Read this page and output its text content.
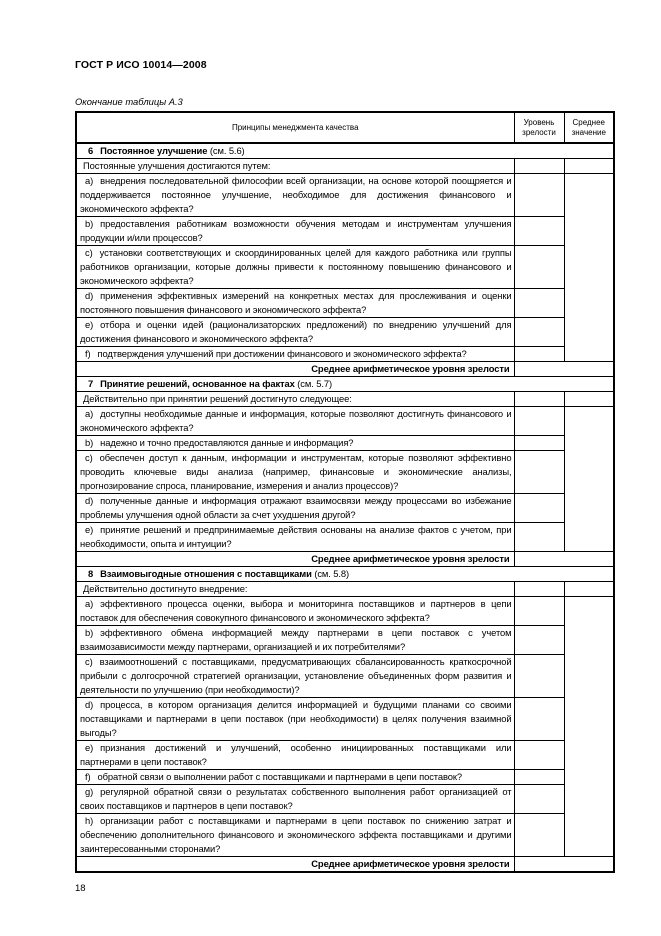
ГОСТ Р ИСО 10014—2008
Окончание таблицы А.3
Принципы менеджмента качества	Уровень зрелости	Среднее значение
6 Постоянное улучшение (см. 5.6)		
Постоянные улучшения достигаются путем:		
a) внедрения последовательной философии всей организации, на основе которой поощряется и поддерживается постоянное улучшение, необходимое для достижения финансового и экономического эффекта?		
b) предоставления работникам возможности обучения методам и инструментам улучшения продукции и/или процессов?		
c) установки соответствующих и скоординированных целей для каждого работника или группы работников организации, которые должны привести к постоянному повышению финансового и экономического эффекта?		
d) применения эффективных измерений на конкретных местах для прослеживания и оценки постоянного повышения финансового и экономического эффекта?		
e) отбора и оценки идей (рационализаторских предложений) по внедрению улучшений для достижения финансового и экономического эффекта?		
f) подтверждения улучшений при достижении финансового и экономического эффекта?		
Среднее арифметическое уровня зрелости		
7 Принятие решений, основанное на фактах (см. 5.7)		
Действительно при принятии решений достигнуто следующее:		
a) доступны необходимые данные и информация, которые позволяют достигнуть финансового и экономического эффекта?		
b) надежно и точно предоставляются данные и информация?		
c) обеспечен доступ к данным, информации и инструментам, которые позволяют эффективно проводить ключевые виды анализа (например, финансовые и экономические анализы, прогнозирование спроса, планирование, измерения и анализ процессов)?		
d) полученные данные и информация отражают взаимосвязи между процессами во избежание проблемы улучшения одной области за счет ухудшения другой?		
e) принятие решений и предпринимаемые действия основаны на анализе фактов с учетом, при необходимости, опыта и интуиции?		
Среднее арифметическое уровня зрелости		
8 Взаимовыгодные отношения с поставщиками (см. 5.8)		
Действительно достигнуто внедрение:		
a) эффективного процесса оценки, выбора и мониторинга поставщиков и партнеров в цепи поставок для обеспечения совокупного финансового и экономического эффекта?		
b) эффективного обмена информацией между партнерами в цепи поставок с учетом взаимозависимости между партнерами, организацией и их потребителями?		
c) взаимоотношений с поставщиками, предусматривающих сбалансированность краткосрочной прибыли с долгосрочной стратегией организации, установление объединенных форм развития и деятельности по улучшению (при необходимости)?		
d) процесса, в котором организация делится информацией и будущими планами со своими поставщиками и партнерами в цепи поставок (при необходимости) в целях получения взаимной выгоды?		
e) признания достижений и улучшений, особенно инициированных поставщиками или партнерами в цепи поставок?		
f) обратной связи о выполнении работ с поставщиками и партнерами в цепи поставок?		
g) регулярной обратной связи о результатах собственного выполнения работ организацией от своих поставщиков и партнеров в цепи поставок?		
h) организации работ с поставщиками и партнерами в цепи поставок по снижению затрат и обеспечению дополнительного финансового и экономического эффекта поставщиками и другими заинтересованными сторонами?		
Среднее арифметическое уровня зрелости		
18
